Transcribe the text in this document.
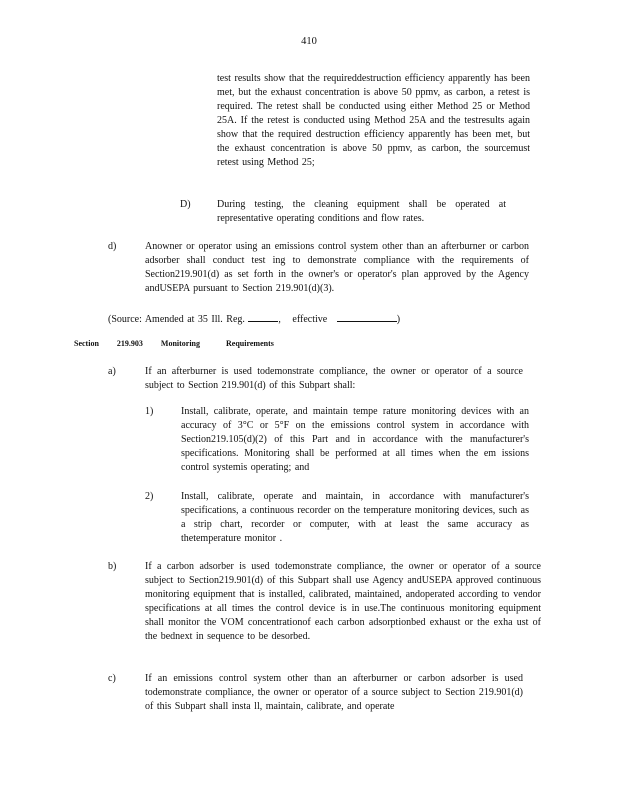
410

test results show that the requireddestruction efficiency apparently has been met, but the exhaust concentration is above 50 ppmv, as carbon, a retest is required. The retest shall be conducted using either Method 25 or Method 25A. If the retest is conducted using Method 25A and the testresults again show that the required destruction efficiency apparently has been met, but the exhaust concentration is above 50 ppmv, as carbon, the sourcemust retest using Method 25;

D)	During testing, the cleaning equipment shall be operated at representative operating conditions and flow rates.

d)	Anowner or operator using an emissions control system other than an afterburner or carbon adsorber shall conduct test ing to demonstrate compliance with the requirements of Section219.901(d) as set forth in the owner's or operator's plan approved by the Agency andUSEPA pursuant to Section 219.901(d)(3).

(Source: Amended at 35 Ill. Reg.	, effective	)

Section 219.903 Monitoring	Requirements

a)	If an afterburner is used todemonstrate compliance, the owner or operator of a source subject to Section 219.901(d) of this Subpart shall:

1)	Install, calibrate, operate, and maintain tempe rature monitoring devices with an accuracy of 3°C or 5°F on the emissions control system in accordance with Section219.105(d)(2) of this Part and in accordance with the manufacturer's specifications. Monitoring shall be performed at all times when the em issions control systemis operating; and

2)	Install, calibrate, operate and maintain, in accordance with manufacturer's specifications, a continuous recorder on the temperature monitoring devices, such as a strip chart, recorder or computer, with at least the same accuracy as thetemperature monitor .

b)	If a carbon adsorber is used todemonstrate compliance, the owner or operator of a source subject to Section219.901(d) of this Subpart shall use Agency andUSEPA approved continuous monitoring equipment that is installed, calibrated, maintained, andoperated according to vendor specifications at all times the control device is in use.The continuous monitoring equipment shall monitor the VOM concentrationof each carbon adsorptionbed exhaust or the exha ust of the bednext in sequence to be desorbed.

c)	If an emissions control system other than an afterburner or carbon adsorber is used todemonstrate compliance, the owner or operator of a source subject to Section 219.901(d) of this Subpart shall insta ll, maintain, calibrate, and operate
